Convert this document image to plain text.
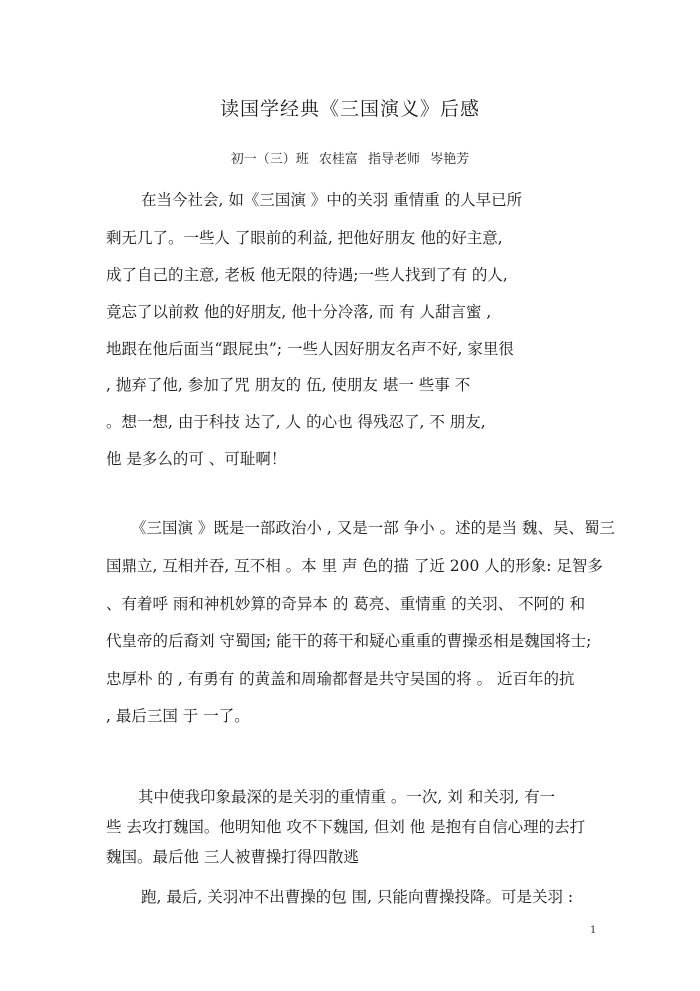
读国学经典《三国演义》后感
初一（三）班 农桂富 指导老师 岑艳芳
在当今社会, 如《三国演 》中的关羽 重情重 的人早已所
剩无几了。一些人 了眼前的利益, 把他好朋友 他的好主意,
成了自己的主意, 老板 他无限的待遇;一些人找到了有 的人,
竟忘了以前救 他的好朋友, 他十分冷落, 而 有 人甜言蜜 ,
地跟在他后面当“跟屁虫”; 一些人因好朋友名声不好, 家里很
, 抛弃了他, 参加了咒 朋友的 伍, 使朋友 堪一 些事 不
。想一想, 由于科技 达了, 人 的心也 得残忍了, 不 朋友,
他 是多么的可 、可耻啊！
《三国演 》既是一部政治小 , 又是一部 争小 。述的是当 魏、吴、蜀三
国鼎立, 互相并吞, 互不相 。本 里 声 色的描 了近 200 人的形象: 足智多
、有着呼 雨和神机妙算的奇异本 的 葛亮、重情重 的关羽、 不阿的 和
代皇帝的后裔刘 守蜀国; 能干的蒋干和疑心重重的曹操丞相是魏国将士;
忠厚朴 的 , 有勇有 的黄盖和周瑜都督是共守吴国的将 。 近百年的抗
, 最后三国 于 一了。
其中使我印象最深的是关羽的重情重 。一次, 刘 和关羽, 有一
些 去攻打魏国。他明知他 攻不下魏国, 但刘 他 是抱有自信心理的去打
魏国。最后他 三人被曹操打得四散逃
跑, 最后, 关羽冲不出曹操的包 围, 只能向曹操投降。可是关羽 :
1
